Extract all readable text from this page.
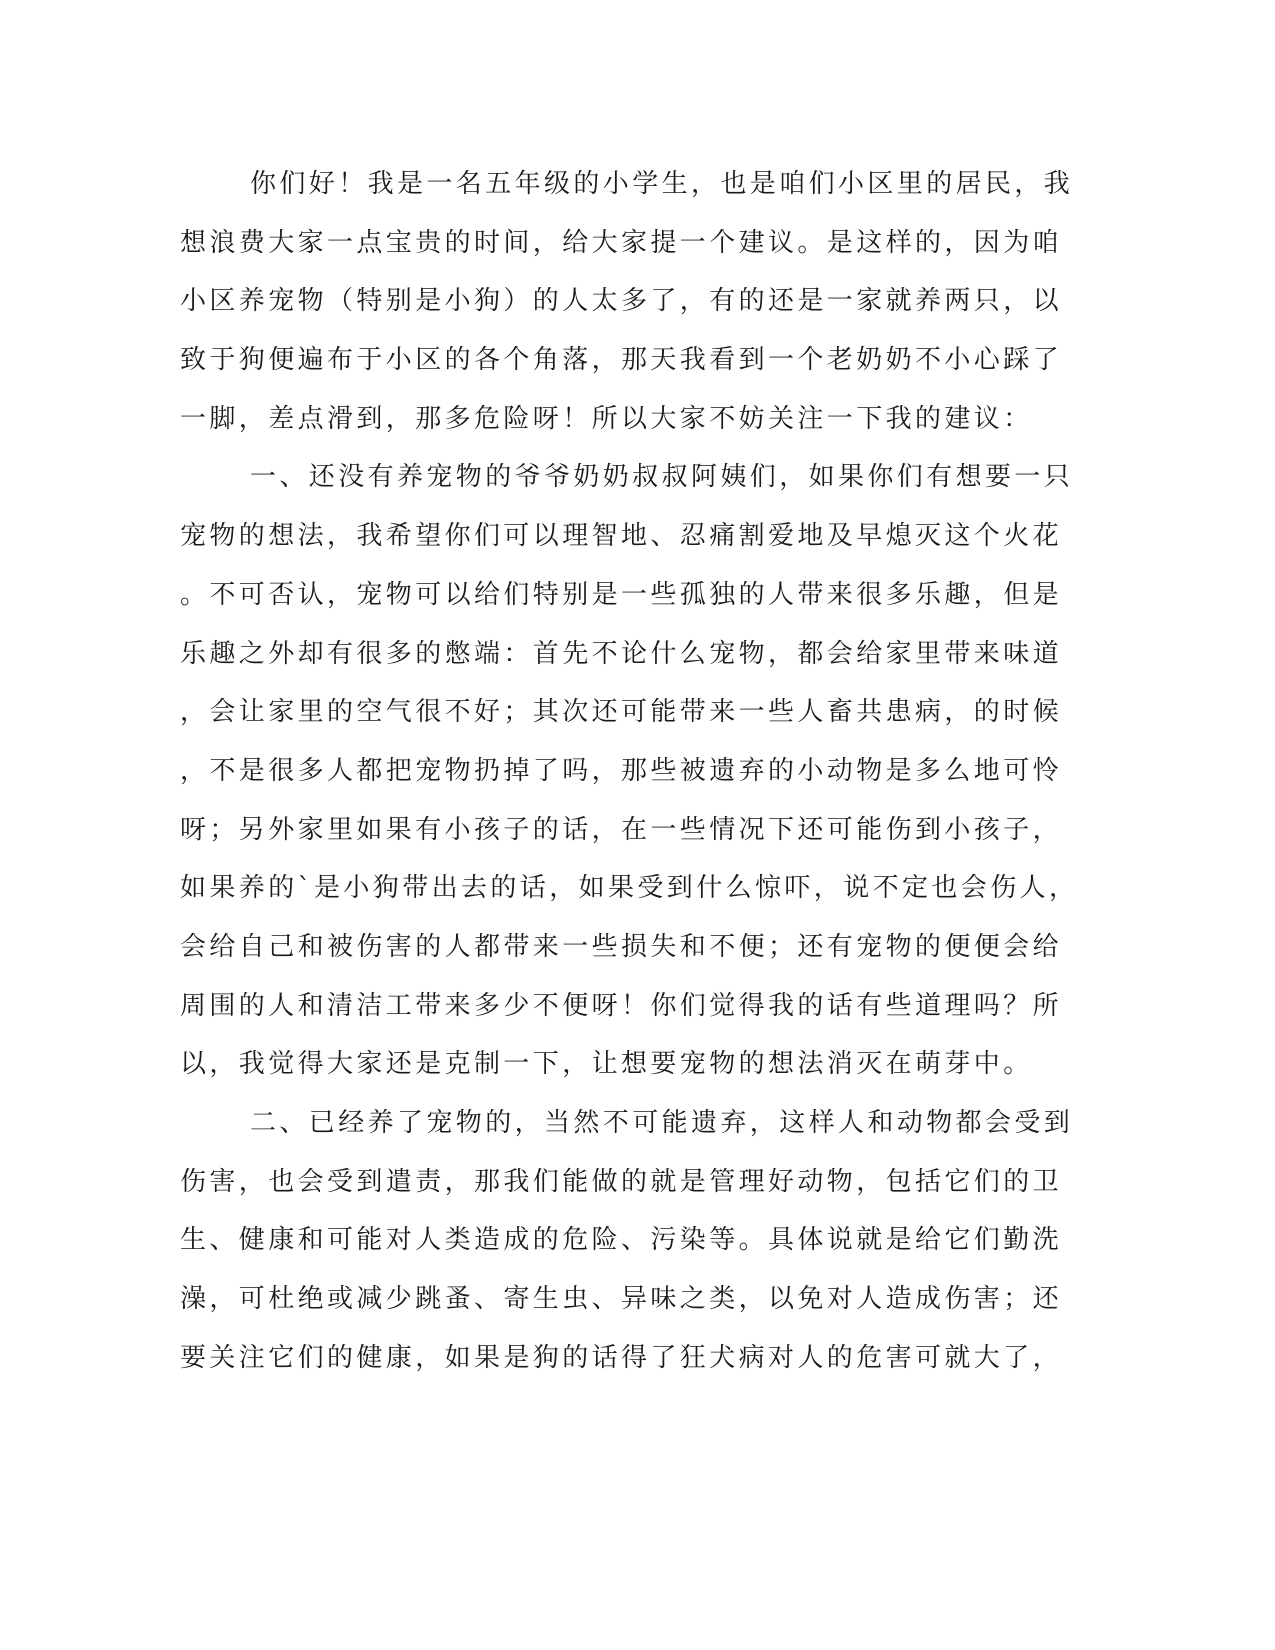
你们好！我是一名五年级的小学生，也是咱们小区里的居民，我
想浪费大家一点宝贵的时间，给大家提一个建议。是这样的，因为咱
小区养宠物（特别是小狗）的人太多了，有的还是一家就养两只，以
致于狗便遍布于小区的各个角落，那天我看到一个老奶奶不小心踩了
一脚，差点滑到，那多危险呀！所以大家不妨关注一下我的建议：
一、还没有养宠物的爷爷奶奶叔叔阿姨们，如果你们有想要一只
宠物的想法，我希望你们可以理智地、忍痛割爱地及早熄灭这个火花
。不可否认，宠物可以给们特别是一些孤独的人带来很多乐趣，但是
乐趣之外却有很多的憋端：首先不论什么宠物，都会给家里带来味道
，会让家里的空气很不好；其次还可能带来一些人畜共患病，的时候
，不是很多人都把宠物扔掉了吗，那些被遗弃的小动物是多么地可怜
呀；另外家里如果有小孩子的话，在一些情况下还可能伤到小孩子，
如果养的`是小狗带出去的话，如果受到什么惊吓，说不定也会伤人，
会给自己和被伤害的人都带来一些损失和不便；还有宠物的便便会给
周围的人和清洁工带来多少不便呀！你们觉得我的话有些道理吗？所
以，我觉得大家还是克制一下，让想要宠物的想法消灭在萌芽中。
二、已经养了宠物的，当然不可能遗弃，这样人和动物都会受到
伤害，也会受到遣责，那我们能做的就是管理好动物，包括它们的卫
生、健康和可能对人类造成的危险、污染等。具体说就是给它们勤洗
澡，可杜绝或减少跳蚤、寄生虫、异味之类，以免对人造成伤害；还
要关注它们的健康，如果是狗的话得了狂犬病对人的危害可就大了，
